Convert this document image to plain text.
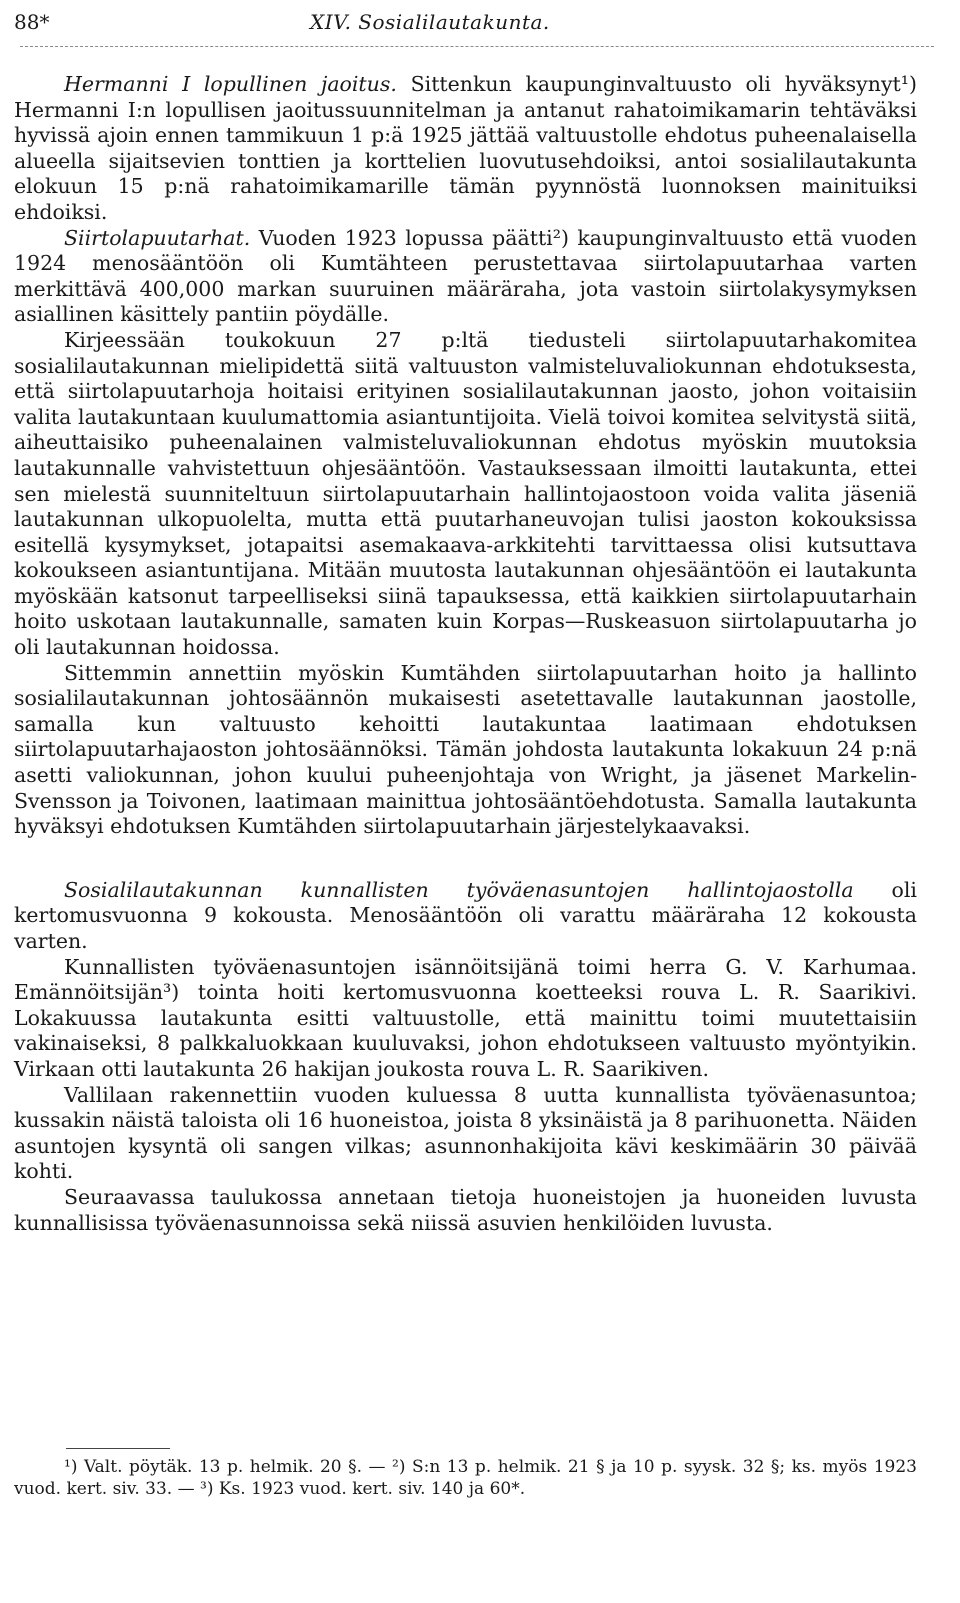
88*	XIV. Sosialilautakunta.

Hermanni I lopullinen jaoitus. Sittenkun kaupunginvaltuusto oli hyväksynyt¹) Hermanni I:n lopullisen jaoitussuunnitelman ja antanut rahatoimikamarin tehtäväksi hyvissä ajoin ennen tammikuun 1 p:ä 1925 jättää valtuustolle ehdotus puheenalaisella alueella sijaitsevien tonttien ja korttelien luovutusehdoiksi, antoi sosialilautakunta elokuun 15 p:nä rahatoimikamarille tämän pyynnöstä luonnoksen mainituiksi ehdoiksi.

Siirtolapuutarhat. Vuoden 1923 lopussa päätti²) kaupunginvaltuusto että vuoden 1924 menosääntöön oli Kumtähteen perustettavaa siirtolapuutarhaa varten merkittävä 400,000 markan suuruinen määräraha, jota vastoin siirtolakysymyksen asiallinen käsittely pantiin pöydälle.

Kirjeessään toukokuun 27 p:ltä tiedusteli siirtolapuutarhakomitea sosialilautakunnan mielipidettä siitä valtuuston valmisteluvaliokunnan ehdotuksesta, että siirtolapuutarhoja hoitaisi erityinen sosialilautakunnan jaosto, johon voitaisiin valita lautakuntaan kuulumattomia asiantuntijoita. Vielä toivoi komitea selvitystä siitä, aiheuttaisiko puheenalainen valmisteluvaliokunnan ehdotus myöskin muutoksia lautakunnalle vahvistettuun ohjesääntöön. Vastauksessaan ilmoitti lautakunta, ettei sen mielestä suunniteltuun siirtolapuutarhain hallintojaostoon voida valita jäseniä lautakunnan ulkopuolelta, mutta että puutarhaneuvojan tulisi jaoston kokouksissa esitellä kysymykset, jotapaitsi asemakaava-arkkitehti tarvittaessa olisi kutsuttava kokoukseen asiantuntijana. Mitään muutosta lautakunnan ohjesääntöön ei lautakunta myöskään katsonut tarpeelliseksi siinä tapauksessa, että kaikkien siirtolapuutarhain hoito uskotaan lautakunnalle, samaten kuin Korpas—Ruskeasuon siirtolapuutarha jo oli lautakunnan hoidossa.

Sittemmin annettiin myöskin Kumtähden siirtolapuutarhan hoito ja hallinto sosialilautakunnan johtosäännön mukaisesti asetettavalle lautakunnan jaostolle, samalla kun valtuusto kehoitti lautakuntaa laatimaan ehdotuksen siirtolapuutarhajaoston johtosäännöksi. Tämän johdosta lautakunta lokakuun 24 p:nä asetti valiokunnan, johon kuului puheenjohtaja von Wright, ja jäsenet Markelin-Svensson ja Toivonen, laatimaan mainittua johtosääntöehdotusta. Samalla lautakunta hyväksyi ehdotuksen Kumtähden siirtolapuutarhain järjestelykaavaksi.

Sosialilautakunnan kunnallisten työväenasuntojen hallintojaostolla oli kertomusvuonna 9 kokousta. Menosääntöön oli varattu määräraha 12 kokousta varten.

Kunnallisten työväenasuntojen isännöitsijänä toimi herra G. V. Karhumaa. Emännöitsijän³) tointa hoiti kertomusvuonna koetteeksi rouva L. R. Saarikivi. Lokakuussa lautakunta esitti valtuustolle, että mainittu toimi muutettaisiin vakinaiseksi, 8 palkkaluokkaan kuuluvaksi, johon ehdotukseen valtuusto myöntyikin. Virkaan otti lautakunta 26 hakijan joukosta rouva L. R. Saarikiven.

Vallilaan rakennettiin vuoden kuluessa 8 uutta kunnallista työväenasuntoa; kussakin näistä taloista oli 16 huoneistoa, joista 8 yksinäistä ja 8 parihuonetta. Näiden asuntojen kysyntä oli sangen vilkas; asunnonhakijoita kävi keskimäärin 30 päivää kohti.

Seuraavassa taulukossa annetaan tietoja huoneistojen ja huoneiden luvusta kunnallisissa työväenasunnoissa sekä niissä asuvien henkilöiden luvusta.

¹) Valt. pöytäk. 13 p. helmik. 20 §. — ²) S:n 13 p. helmik. 21 § ja 10 p. syysk. 32 §; ks. myös 1923 vuod. kert. siv. 33. — ³) Ks. 1923 vuod. kert. siv. 140 ja 60*.
